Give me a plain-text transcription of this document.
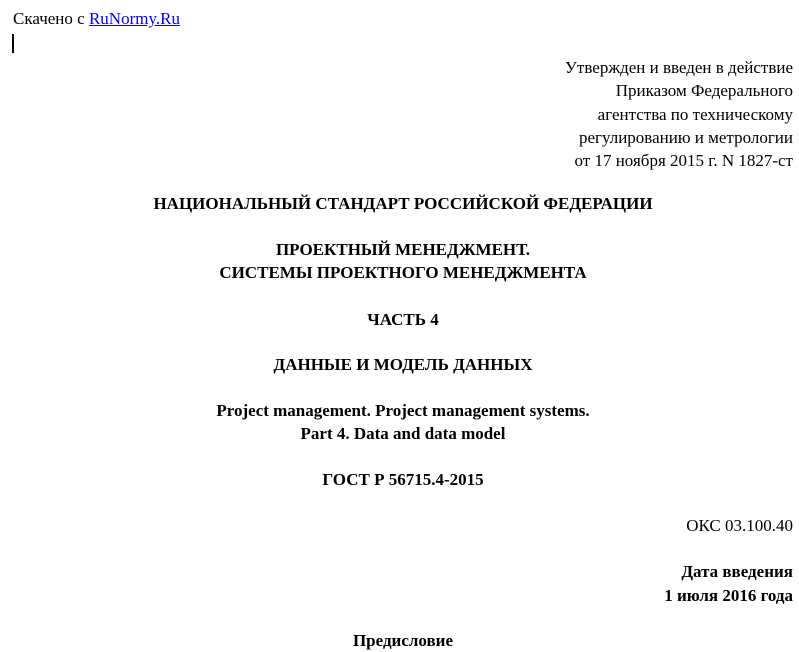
Скачено с RuNormy.Ru
Утвержден и введен в действие
Приказом Федерального
агентства по техническому
регулированию и метрологии
от 17 ноября 2015 г. N 1827-ст
НАЦИОНАЛЬНЫЙ СТАНДАРТ РОССИЙСКОЙ ФЕДЕРАЦИИ
ПРОЕКТНЫЙ МЕНЕДЖМЕНТ.
СИСТЕМЫ ПРОЕКТНОГО МЕНЕДЖМЕНТА
ЧАСТЬ 4
ДАННЫЕ И МОДЕЛЬ ДАННЫХ
Project management. Project management systems.
Part 4. Data and data model
ГОСТ Р 56715.4-2015
ОКС 03.100.40
Дата введения
1 июля 2016 года
Предисловие
